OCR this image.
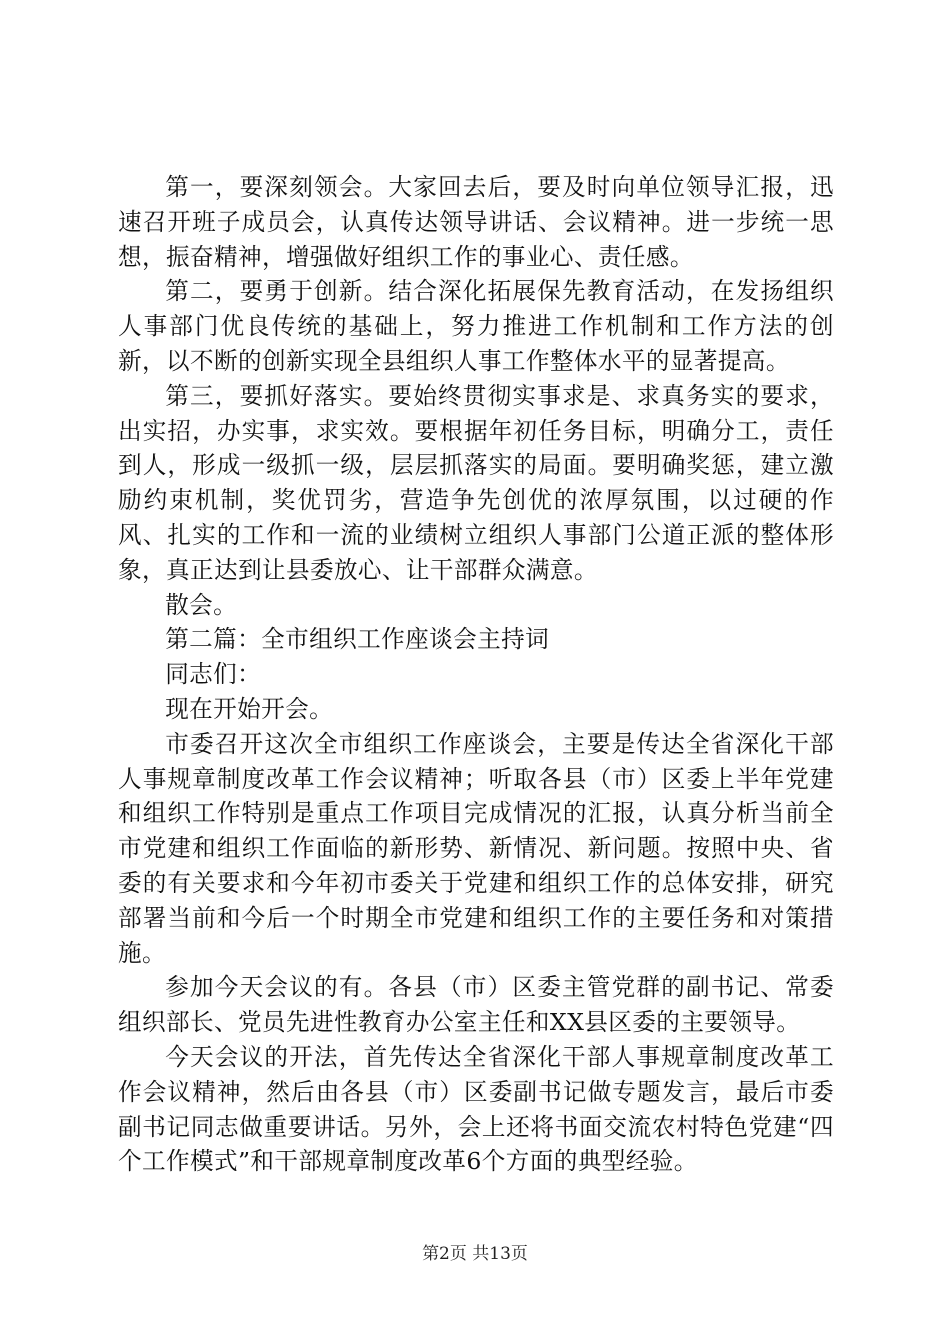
第一，要深刻领会。大家回去后，要及时向单位领导汇报，迅速召开班子成员会，认真传达领导讲话、会议精神。进一步统一思想，振奋精神，增强做好组织工作的事业心、责任感。

第二，要勇于创新。结合深化拓展保先教育活动，在发扬组织人事部门优良传统的基础上，努力推进工作机制和工作方法的创新，以不断的创新实现全县组织人事工作整体水平的显著提高。

第三，要抓好落实。要始终贯彻实事求是、求真务实的要求，出实招，办实事，求实效。要根据年初任务目标，明确分工，责任到人，形成一级抓一级，层层抓落实的局面。要明确奖惩，建立激励约束机制，奖优罚劣，营造争先创优的浓厚氛围，以过硬的作风、扎实的工作和一流的业绩树立组织人事部门公道正派的整体形象，真正达到让县委放心、让干部群众满意。

散会。

第二篇：全市组织工作座谈会主持词

同志们：

现在开始开会。

市委召开这次全市组织工作座谈会，主要是传达全省深化干部人事规章制度改革工作会议精神；听取各县（市）区委上半年党建和组织工作特别是重点工作项目完成情况的汇报，认真分析当前全市党建和组织工作面临的新形势、新情况、新问题。按照中央、省委的有关要求和今年初市委关于党建和组织工作的总体安排，研究部署当前和今后一个时期全市党建和组织工作的主要任务和对策措施。

参加今天会议的有。各县（市）区委主管党群的副书记、常委组织部长、党员先进性教育办公室主任和XX县区委的主要领导。

今天会议的开法，首先传达全省深化干部人事规章制度改革工作会议精神，然后由各县（市）区委副书记做专题发言，最后市委副书记同志做重要讲话。另外，会上还将书面交流农村特色党建“四个工作模式”和干部规章制度改革6个方面的典型经验。

第2页 共13页
